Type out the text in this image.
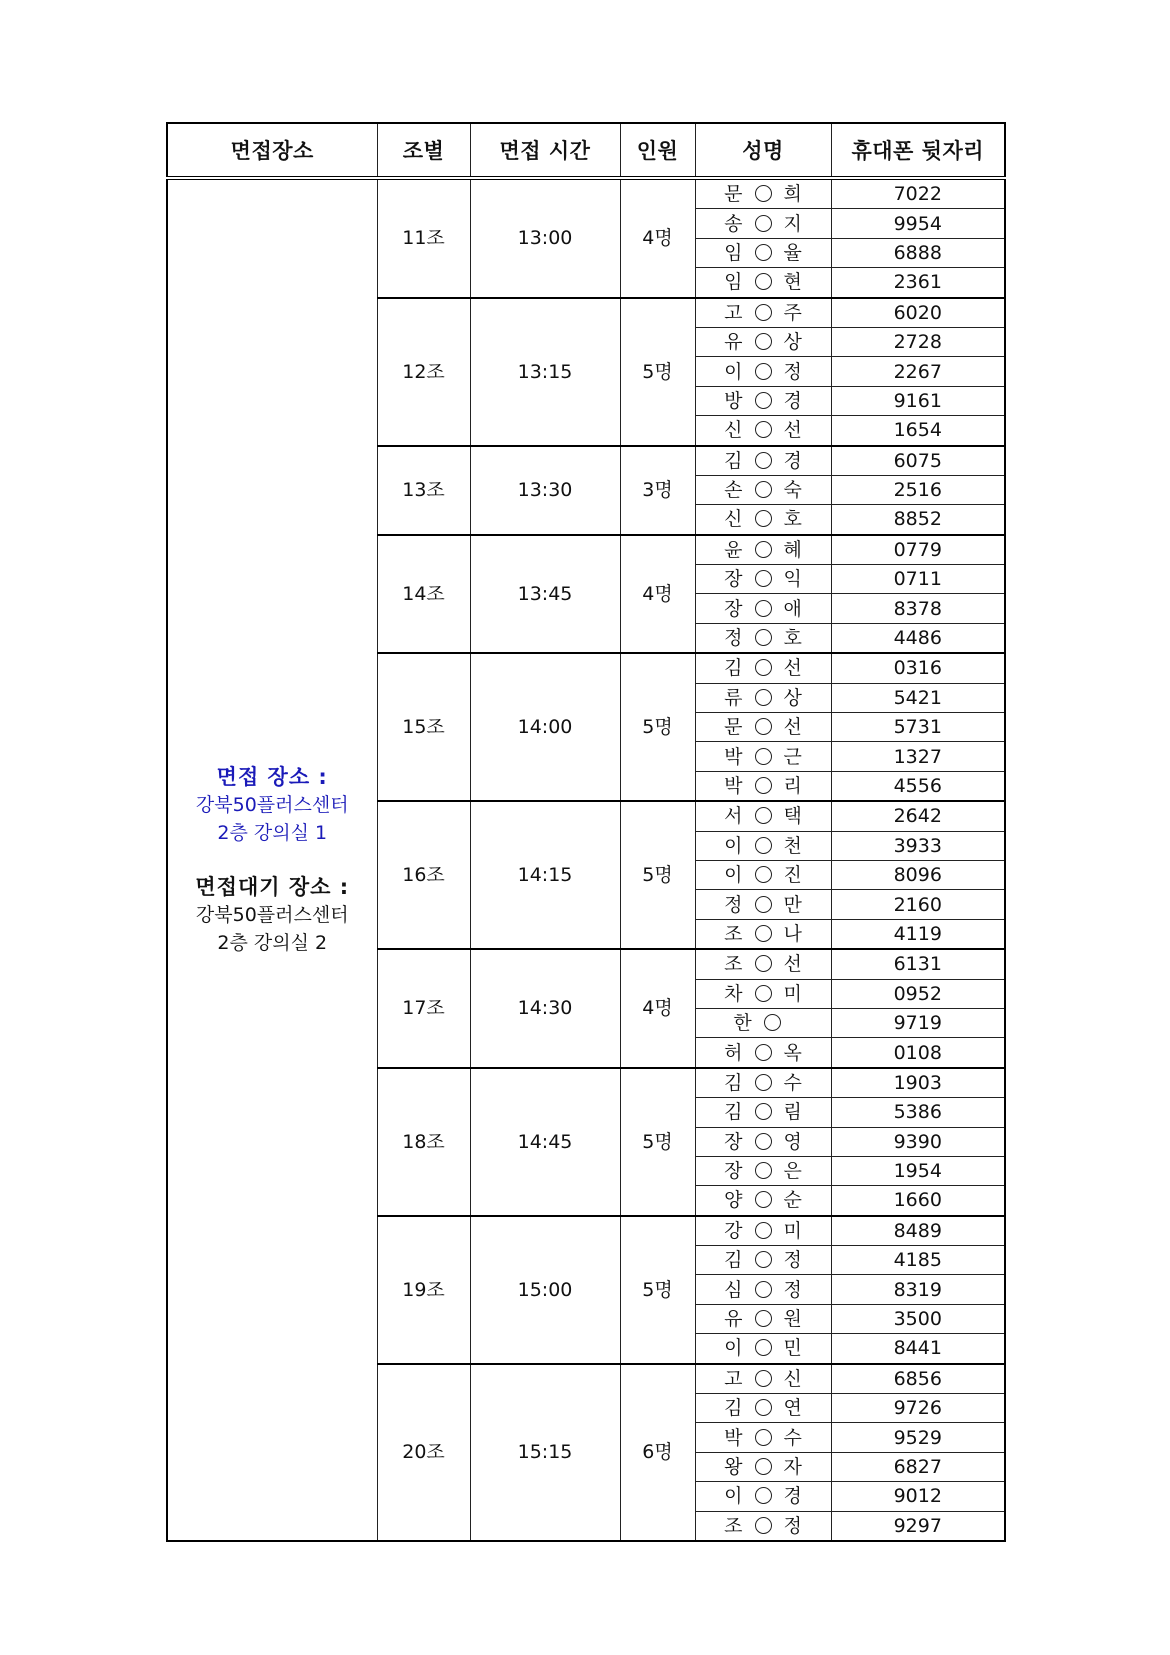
면접장소	조별	면접 시간	인원	성명	휴대폰 뒷자리

면접 장소 :
강북50플러스센터
2층 강의실 1
면접대기 장소 :
강북50플러스센터
2층 강의실 2
	11조	13:00	4명	문 희	7022
				송 지	9954
				임 율	6888
				임 현	2361
	12조	13:15	5명	고 주	6020
				유 상	2728
				이 정	2267
				방 경	9161
				신 선	1654
	13조	13:30	3명	김 경	6075
				손 숙	2516
				신 호	8852
	14조	13:45	4명	윤 혜	0779
				장 익	0711
				장 애	8378
				정 호	4486
	15조	14:00	5명	김 선	0316
				류 상	5421
				문 선	5731
				박 근	1327
				박 리	4556
	16조	14:15	5명	서 택	2642
				이 천	3933
				이 진	8096
				정 만	2160
				조 나	4119
	17조	14:30	4명	조 선	6131
				차 미	0952
				한	9719
				허 옥	0108
	18조	14:45	5명	김 수	1903
				김 림	5386
				장 영	9390
				장 은	1954
				양 순	1660
	19조	15:00	5명	강 미	8489
				김 정	4185
				심 정	8319
				유 원	3500
				이 민	8441
	20조	15:15	6명	고 신	6856
				김 연	9726
				박 수	9529
				왕 자	6827
				이 경	9012
				조 정	9297
